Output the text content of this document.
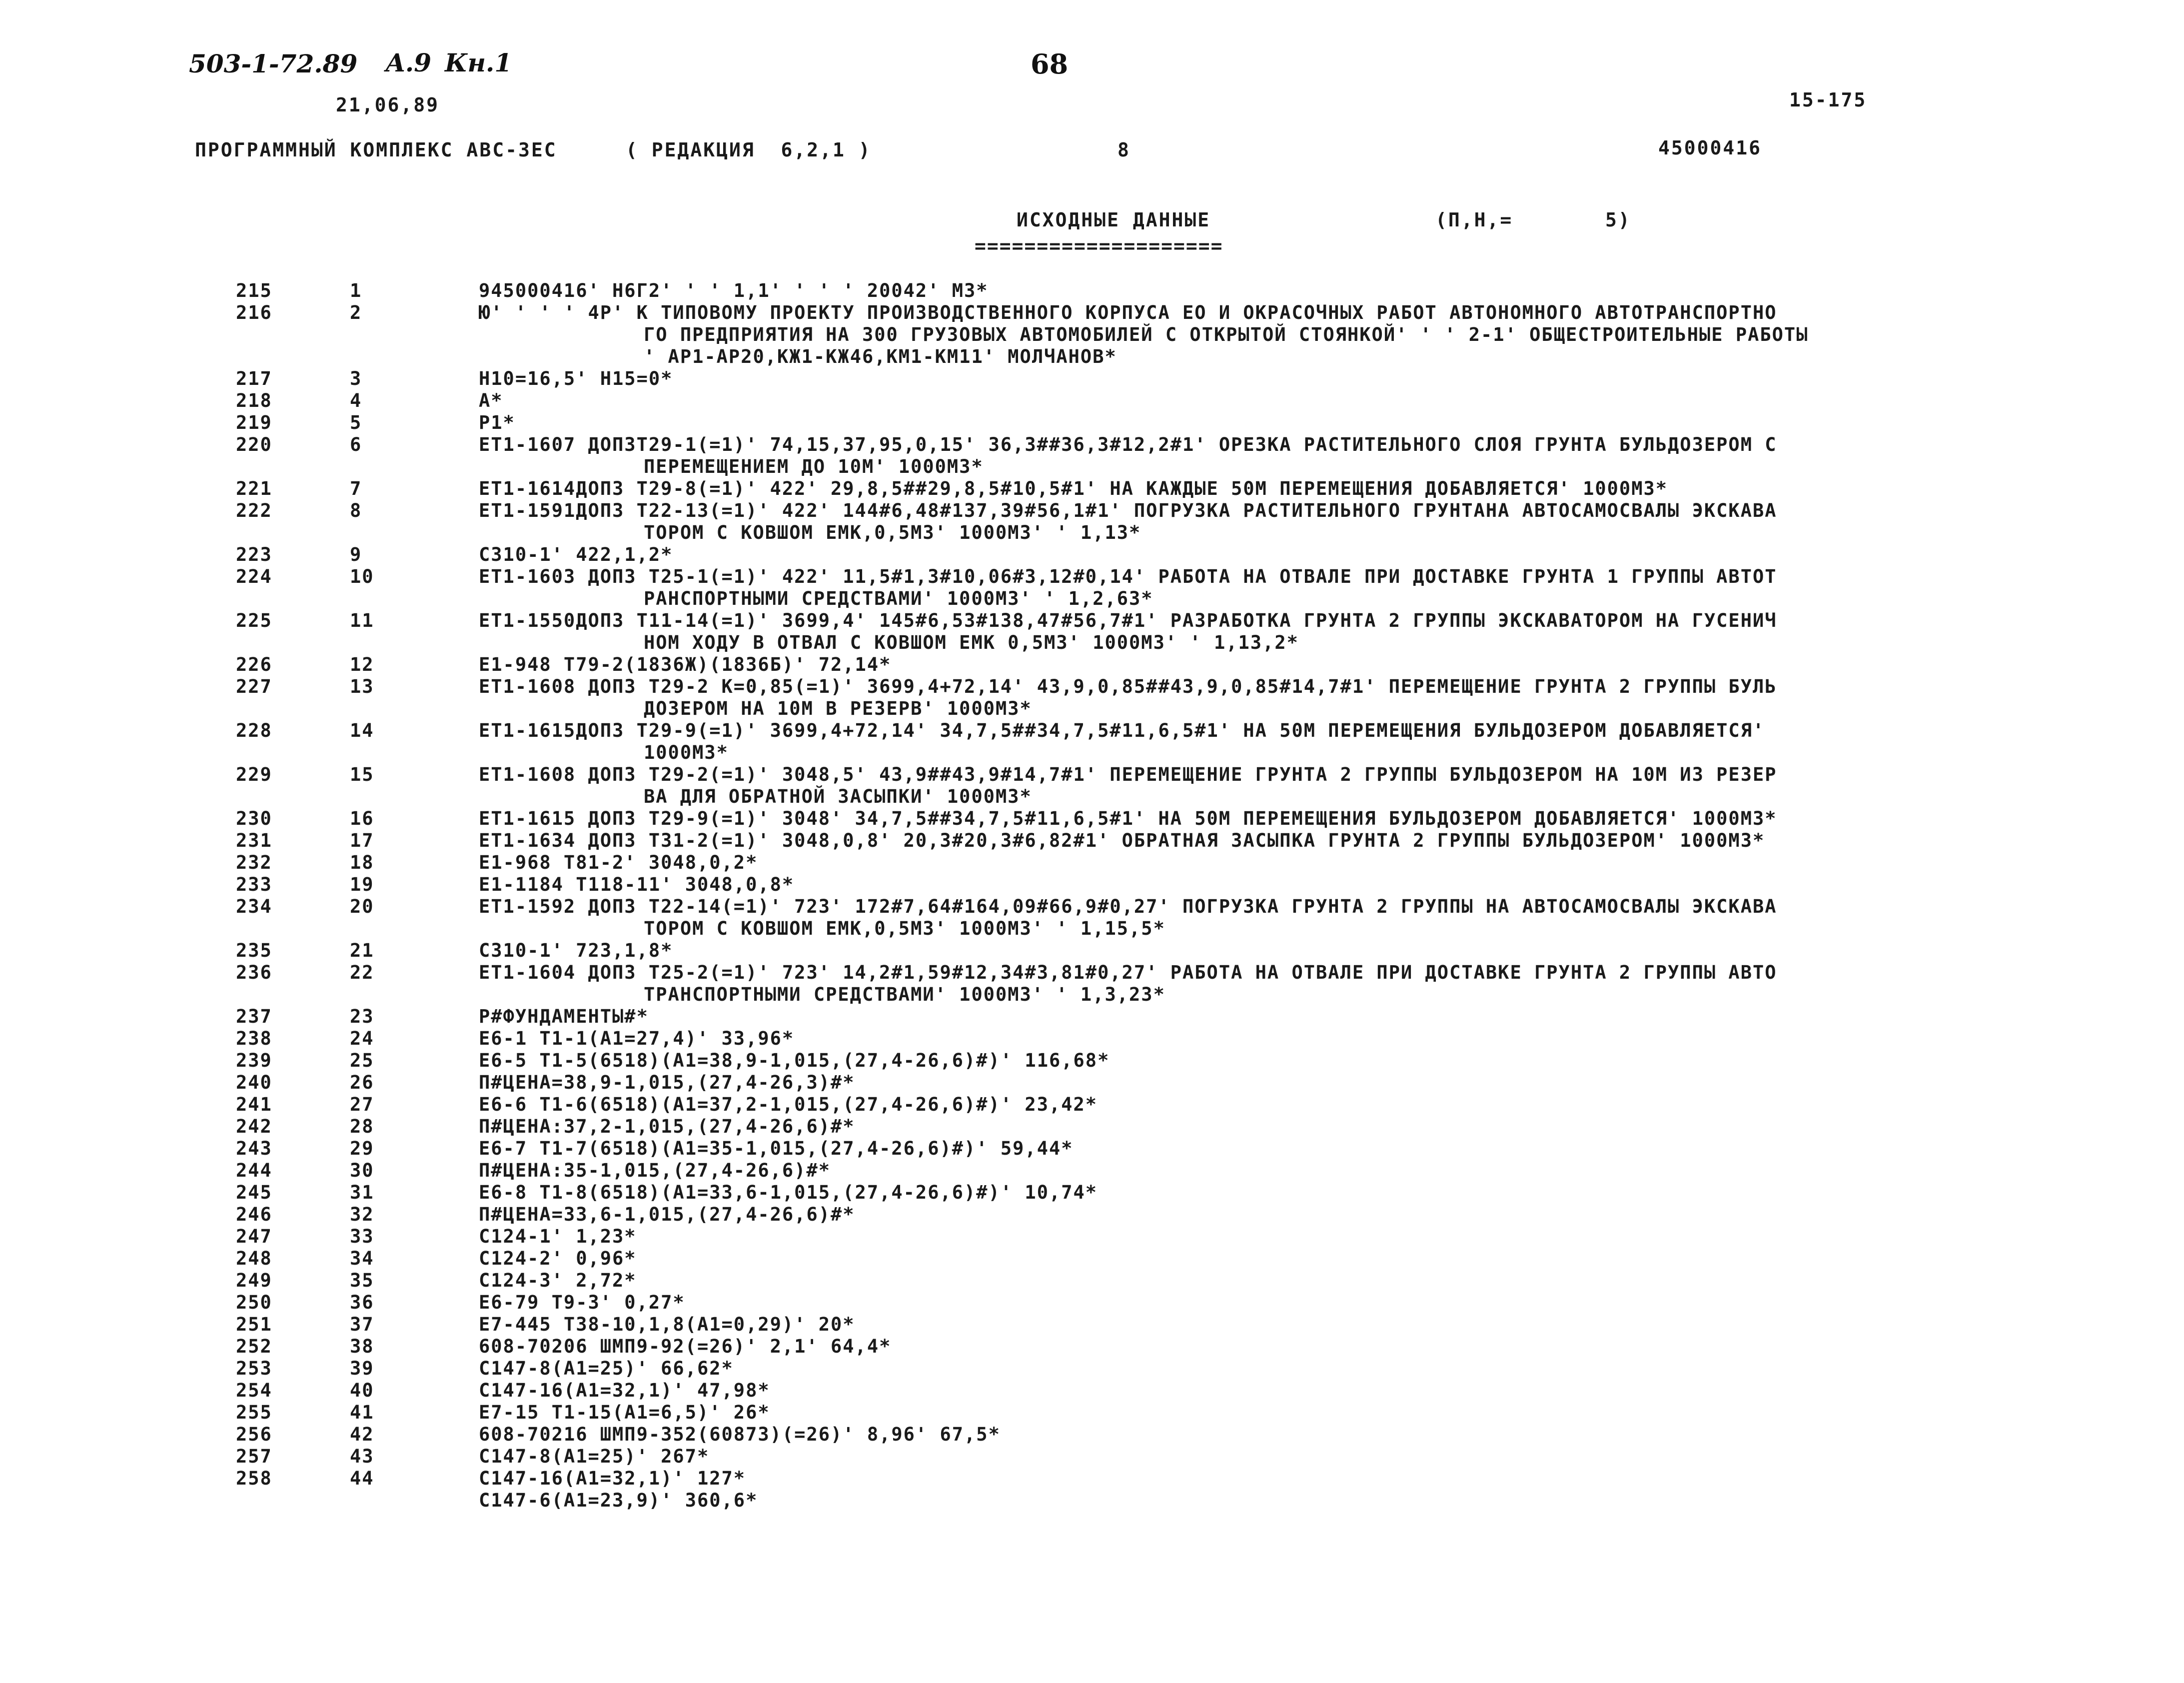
503-1-72.89 A.9 Кн.1	68
21,06,89	15-175
ПРОГРАММНЫЙ КОМПЛЕКС АВС-3ЕС	( РЕДАКЦИЯ  6,2,1 )	8	45000416
ИСХОДНЫЕ ДАННЫЕ	(П,Н,=	5)
====================
215	1	945000416' Н6Г2' ' ' 1,1' ' ' ' 20042' М3*
216	2	Ю' ' ' ' 4Р' К ТИПОВОМУ ПРОЕКТУ ПРОИЗВОДСТВЕННОГО КОРПУСА ЕО И ОКРАСОЧНЫХ РАБОТ АВТОНОМНОГО АВТОТРАНСПОРТНО
ГО ПРЕДПРИЯТИЯ НА 300 ГРУЗОВЫХ АВТОМОБИЛЕЙ С ОТКРЫТОЙ СТОЯНКОЙ' ' ' 2-1' ОБЩЕСТРОИТЕЛЬНЫЕ РАБОТЫ
' АР1-АР20,КЖ1-КЖ46,КМ1-КМ11' МОЛЧАНОВ*
217	3	Н10=16,5' Н15=0*
218	4	А*
219	5	Р1*
220	6	ЕТ1-1607 ДОП3Т29-1(=1)' 74,15,37,95,0,15' 36,3##36,3#12,2#1' ОРЕЗКА РАСТИТЕЛЬНОГО СЛОЯ ГРУНТА БУЛЬДОЗЕРОМ С
ПЕРЕМЕЩЕНИЕМ ДО 10М' 1000М3*
221	7	ЕТ1-1614ДОП3 Т29-8(=1)' 422' 29,8,5##29,8,5#10,5#1' НА КАЖДЫЕ 50М ПЕРЕМЕЩЕНИЯ ДОБАВЛЯЕТСЯ' 1000М3*
222	8	ЕТ1-1591ДОП3 Т22-13(=1)' 422' 144#6,48#137,39#56,1#1' ПОГРУЗКА РАСТИТЕЛЬНОГО ГРУНТАНА АВТОСАМОСВАЛЫ ЭКСКАВА
ТОРОМ С КОВШОМ ЕМК,0,5М3' 1000М3' ' 1,13*
223	9	С310-1' 422,1,2*
224	10	ЕТ1-1603 ДОП3 Т25-1(=1)' 422' 11,5#1,3#10,06#3,12#0,14' РАБОТА НА ОТВАЛЕ ПРИ ДОСТАВКЕ ГРУНТА 1 ГРУППЫ АВТОТ
РАНСПОРТНЫМИ СРЕДСТВАМИ' 1000М3' ' 1,2,63*
225	11	ЕТ1-1550ДОП3 Т11-14(=1)' 3699,4' 145#6,53#138,47#56,7#1' РАЗРАБОТКА ГРУНТА 2 ГРУППЫ ЭКСКАВАТОРОМ НА ГУСЕНИЧ
НОМ ХОДУ В ОТВАЛ С КОВШОМ ЕМК 0,5М3' 1000М3' ' 1,13,2*
226	12	Е1-948 Т79-2(1836Ж)(1836Б)' 72,14*
227	13	ЕТ1-1608 ДОП3 Т29-2 К=0,85(=1)' 3699,4+72,14' 43,9,0,85##43,9,0,85#14,7#1' ПЕРЕМЕЩЕНИЕ ГРУНТА 2 ГРУППЫ БУЛЬ
ДОЗЕРОМ НА 10М В РЕЗЕРВ' 1000М3*
228	14	ЕТ1-1615ДОП3 Т29-9(=1)' 3699,4+72,14' 34,7,5##34,7,5#11,6,5#1' НА 50М ПЕРЕМЕЩЕНИЯ БУЛЬДОЗЕРОМ ДОБАВЛЯЕТСЯ'
1000М3*
229	15	ЕТ1-1608 ДОП3 Т29-2(=1)' 3048,5' 43,9##43,9#14,7#1' ПЕРЕМЕЩЕНИЕ ГРУНТА 2 ГРУППЫ БУЛЬДОЗЕРОМ НА 10М ИЗ РЕЗЕР
ВА ДЛЯ ОБРАТНОЙ ЗАСЫПКИ' 1000М3*
230	16	ЕТ1-1615 ДОП3 Т29-9(=1)' 3048' 34,7,5##34,7,5#11,6,5#1' НА 50М ПЕРЕМЕЩЕНИЯ БУЛЬДОЗЕРОМ ДОБАВЛЯЕТСЯ' 1000М3*
231	17	ЕТ1-1634 ДОП3 Т31-2(=1)' 3048,0,8' 20,3#20,3#6,82#1' ОБРАТНАЯ ЗАСЫПКА ГРУНТА 2 ГРУППЫ БУЛЬДОЗЕРОМ' 1000М3*
232	18	Е1-968 Т81-2' 3048,0,2*
233	19	Е1-1184 Т118-11' 3048,0,8*
234	20	ЕТ1-1592 ДОП3 Т22-14(=1)' 723' 172#7,64#164,09#66,9#0,27' ПОГРУЗКА ГРУНТА 2 ГРУППЫ НА АВТОСАМОСВАЛЫ ЭКСКАВА
ТОРОМ С КОВШОМ ЕМК,0,5М3' 1000М3' ' 1,15,5*
235	21	С310-1' 723,1,8*
236	22	ЕТ1-1604 ДОП3 Т25-2(=1)' 723' 14,2#1,59#12,34#3,81#0,27' РАБОТА НА ОТВАЛЕ ПРИ ДОСТАВКЕ ГРУНТА 2 ГРУППЫ АВТО
ТРАНСПОРТНЫМИ СРЕДСТВАМИ' 1000М3' ' 1,3,23*
237	23	Р#ФУНДАМЕНТЫ#*
238	24	Е6-1 Т1-1(А1=27,4)' 33,96*
239	25	Е6-5 Т1-5(6518)(А1=38,9-1,015,(27,4-26,6)#)' 116,68*
240	26	П#ЦЕНА=38,9-1,015,(27,4-26,3)#*
241	27	Е6-6 Т1-6(6518)(А1=37,2-1,015,(27,4-26,6)#)' 23,42*
242	28	П#ЦЕНА:37,2-1,015,(27,4-26,6)#*
243	29	Е6-7 Т1-7(6518)(А1=35-1,015,(27,4-26,6)#)' 59,44*
244	30	П#ЦЕНА:35-1,015,(27,4-26,6)#*
245	31	Е6-8 Т1-8(6518)(А1=33,6-1,015,(27,4-26,6)#)' 10,74*
246	32	П#ЦЕНА=33,6-1,015,(27,4-26,6)#*
247	33	С124-1' 1,23*
248	34	С124-2' 0,96*
249	35	С124-3' 2,72*
250	36	Е6-79 Т9-3' 0,27*
251	37	Е7-445 Т38-10,1,8(А1=0,29)' 20*
252	38	608-70206 ШМП9-92(=26)' 2,1' 64,4*
253	39	С147-8(А1=25)' 66,62*
254	40	С147-16(А1=32,1)' 47,98*
255	41	Е7-15 Т1-15(А1=6,5)' 26*
256	42	608-70216 ШМП9-352(60873)(=26)' 8,96' 67,5*
257	43	С147-8(А1=25)' 267*
258	44	С147-16(А1=32,1)' 127*
С147-6(А1=23,9)' 360,6*
